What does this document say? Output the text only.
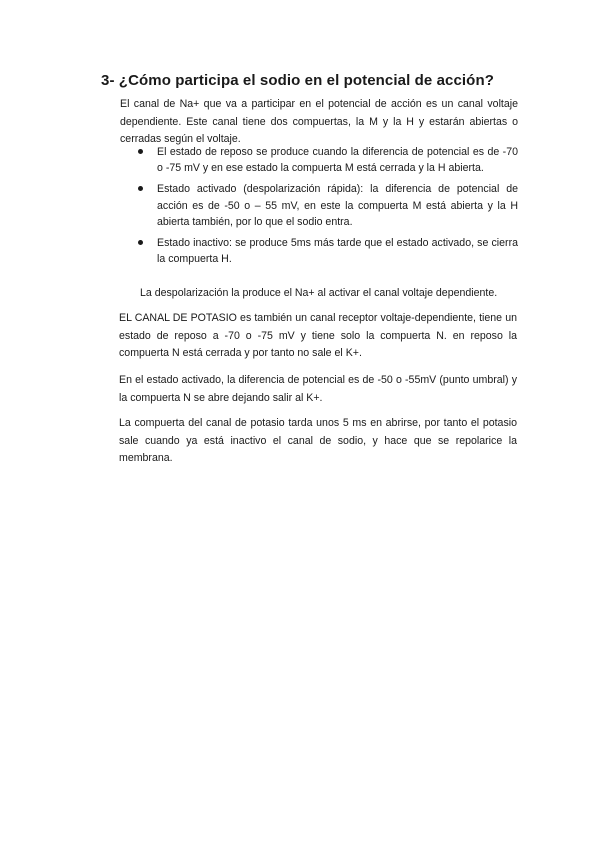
3- ¿Cómo participa el sodio en el potencial de acción?

El canal de Na+ que va a participar en el potencial de acción es un canal voltaje dependiente. Este canal tiene dos compuertas, la M y la H y estarán abiertas o cerradas según el voltaje.

El estado de reposo se produce cuando la diferencia de potencial es de -70 o -75 mV y en ese estado la compuerta M está cerrada y la H abierta.
Estado activado (despolarización rápida): la diferencia de potencial de acción es de -50 o – 55 mV, en este la compuerta M está abierta y la H abierta también, por lo que el sodio entra.
Estado inactivo: se produce 5ms más tarde que el estado activado, se cierra la compuerta H.

La despolarización la produce el Na+ al activar el canal voltaje dependiente.

EL CANAL DE POTASIO es también un canal receptor voltaje-dependiente, tiene un estado de reposo a -70 o -75 mV y tiene solo la compuerta N. en reposo la compuerta N está cerrada y por tanto no sale el K+.

En el estado activado, la diferencia de potencial es de -50 o -55mV (punto umbral) y la compuerta N se abre dejando salir al K+.

La compuerta del canal de potasio tarda unos 5 ms en abrirse, por tanto el potasio sale cuando ya está inactivo el canal de sodio, y hace que se repolarice la membrana.
